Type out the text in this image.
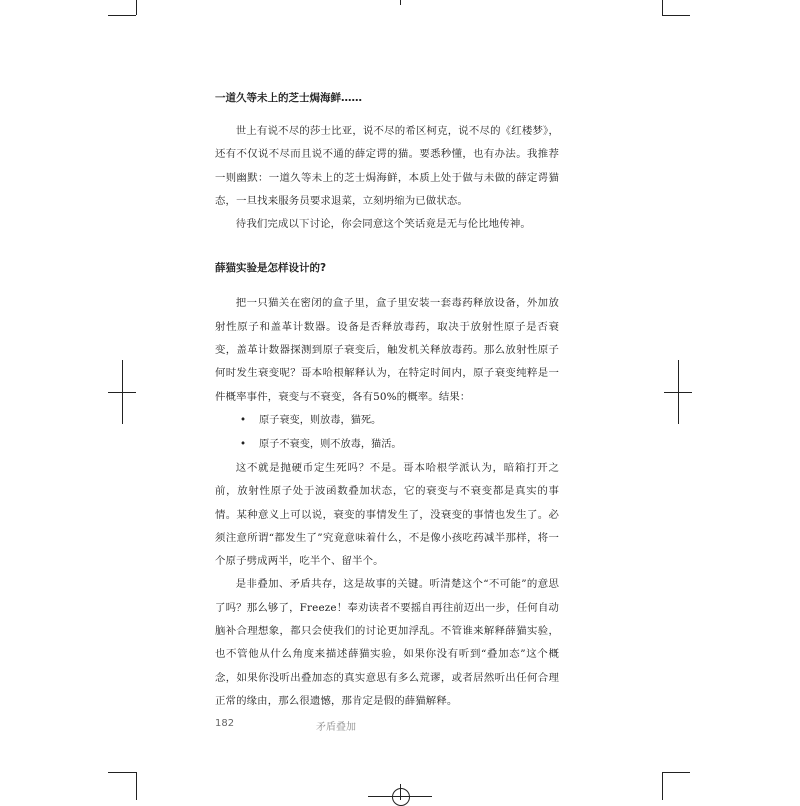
一道久等未上的芝士焗海鲜……

世上有说不尽的莎士比亚，说不尽的希区柯克，说不尽的《红楼梦》，还有不仅说不尽而且说不通的薛定谔的猫。要悉秒懂，也有办法。我推荐一则幽默：一道久等未上的芝士焗海鲜，本质上处于做与未做的薛定谔猫态，一旦找来服务员要求退菜，立刻坍缩为已做状态。

待我们完成以下讨论，你会同意这个笑话竟是无与伦比地传神。

薛猫实验是怎样设计的?

把一只猫关在密闭的盒子里，盒子里安装一套毒药释放设备，外加放射性原子和盖革计数器。设备是否释放毒药，取决于放射性原子是否衰变，盖革计数器探测到原子衰变后，触发机关释放毒药。那么放射性原子何时发生衰变呢？哥本哈根解释认为，在特定时间内，原子衰变纯粹是一件概率事件，衰变与不衰变，各有50%的概率。结果：

• 原子衰变，则放毒，猫死。
• 原子不衰变，则不放毒，猫活。

这不就是抛硬币定生死吗？不是。哥本哈根学派认为，暗箱打开之前，放射性原子处于波函数叠加状态，它的衰变与不衰变都是真实的事情。某种意义上可以说，衰变的事情发生了，没衰变的事情也发生了。必须注意所谓“都发生了”究竟意味着什么，不是像小孩吃药减半那样，将一个原子劈成两半，吃半个、留半个。

是非叠加、矛盾共存，这是故事的关键。听清楚这个“不可能”的意思了吗？那么够了，Freeze！奉劝读者不要摇自再往前迈出一步，任何自动脑补合理想象，都只会使我们的讨论更加浮乱。不管谁来解释薛猫实验，也不管他从什么角度来描述薛猫实验，如果你没有听到“叠加态”这个概念，如果你没听出叠加态的真实意思有多么荒谬，或者居然听出任何合理正常的缘由，那么很遗憾，那肯定是假的薛猫解释。

182	矛盾叠加
